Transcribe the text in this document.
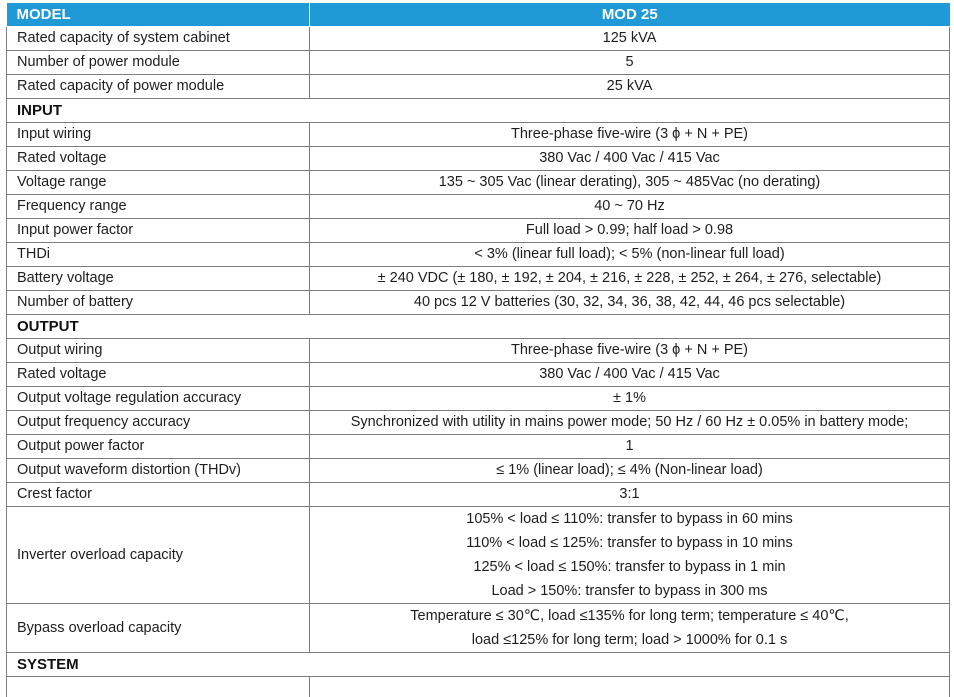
MODEL	MOD 25
Rated capacity of system cabinet	125 kVA
Number of power module	5
Rated capacity of power module	25 kVA
INPUT	
Input wiring	Three-phase five-wire (3 ϕ + N + PE)
Rated voltage	380 Vac / 400 Vac / 415 Vac
Voltage range	135 ~ 305 Vac (linear derating), 305 ~ 485Vac (no derating)
Frequency range	40 ~ 70 Hz
Input power factor	Full load > 0.99; half load > 0.98
THDi	< 3% (linear full load); < 5% (non-linear full load)
Battery voltage	± 240 VDC (± 180, ± 192, ± 204, ± 216, ± 228, ± 252, ± 264, ± 276, selectable)
Number of battery	40 pcs 12 V batteries (30, 32, 34, 36, 38, 42, 44, 46 pcs selectable)
OUTPUT	
Output wiring	Three-phase five-wire (3 ϕ + N + PE)
Rated voltage	380 Vac / 400 Vac / 415 Vac
Output voltage regulation accuracy	± 1%
Output frequency accuracy	Synchronized with utility in mains power mode; 50 Hz / 60 Hz ± 0.05% in battery mode;
Output power factor	1
Output waveform distortion (THDv)	≤ 1% (linear load); ≤ 4% (Non-linear load)
Crest factor	3:1
Inverter overload capacity	105% < load ≤ 110%: transfer to bypass in 60 mins
110% < load ≤ 125%: transfer to bypass in 10 mins
125% < load ≤ 150%: transfer to bypass in 1 min
Load > 150%: transfer to bypass in 300 ms

Bypass overload capacity	Temperature ≤ 30℃, load ≤135% for long term; temperature ≤ 40℃,
load ≤125% for long term; load > 1000% for 0.1 s

SYSTEM	
